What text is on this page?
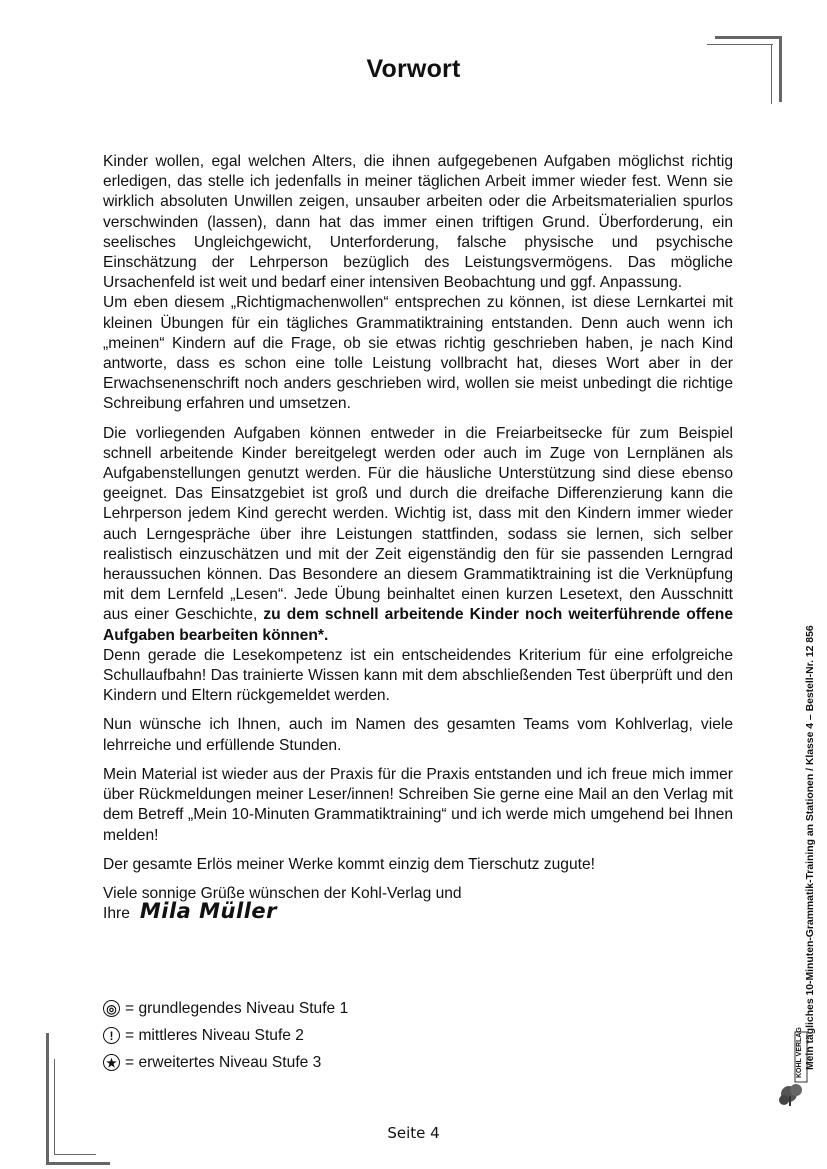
Vorwort

Kinder wollen, egal welchen Alters, die ihnen aufgegebenen Aufgaben möglichst richtig erledigen, das stelle ich jedenfalls in meiner täglichen Arbeit immer wieder fest. Wenn sie wirklich absoluten Unwillen zeigen, unsauber arbeiten oder die Arbeitsmaterialien spurlos verschwinden (lassen), dann hat das immer einen triftigen Grund. Überforderung, ein seelisches Ungleichgewicht, Unterforderung, falsche physische und psychische Einschätzung der Lehrperson bezüglich des Leistungsvermögens. Das mögliche Ursachenfeld ist weit und bedarf einer intensiven Beobachtung und ggf. Anpassung.

Um eben diesem „Richtigmachenwollen“ entsprechen zu können, ist diese Lernkartei mit kleinen Übungen für ein tägliches Grammatiktraining entstanden. Denn auch wenn ich „meinen“ Kindern auf die Frage, ob sie etwas richtig geschrieben haben, je nach Kind antworte, dass es schon eine tolle Leistung vollbracht hat, dieses Wort aber in der Erwachsenenschrift noch anders geschrieben wird, wollen sie meist unbedingt die richtige Schreibung erfahren und umsetzen.

Die vorliegenden Aufgaben können entweder in die Freiarbeitsecke für zum Beispiel schnell arbeitende Kinder bereitgelegt werden oder auch im Zuge von Lernplänen als Aufgabenstellungen genutzt werden. Für die häusliche Unterstützung sind diese ebenso geeignet. Das Einsatzgebiet ist groß und durch die dreifache Differenzierung kann die Lehrperson jedem Kind gerecht werden. Wichtig ist, dass mit den Kindern immer wieder auch Lerngespräche über ihre Leistungen stattfinden, sodass sie lernen, sich selber realistisch einzuschätzen und mit der Zeit eigenständig den für sie passenden Lerngrad heraussuchen können. Das Besondere an diesem Grammatiktraining ist die Verknüpfung mit dem Lernfeld „Lesen“. Jede Übung beinhaltet einen kurzen Lesetext, den Ausschnitt aus einer Geschichte, zu dem schnell arbeitende Kinder noch weiterführende offene Aufgaben bearbeiten können*.

Denn gerade die Lesekompetenz ist ein entscheidendes Kriterium für eine erfolgreiche Schullaufbahn! Das trainierte Wissen kann mit dem abschließenden Test überprüft und den Kindern und Eltern rückgemeldet werden.

Nun wünsche ich Ihnen, auch im Namen des gesamten Teams vom Kohlverlag, viele lehrreiche und erfüllende Stunden.

Mein Material ist wieder aus der Praxis für die Praxis entstanden und ich freue mich immer über Rückmeldungen meiner Leser/innen! Schreiben Sie gerne eine Mail an den Verlag mit dem Betreff „Mein 10-Minuten Grammatiktraining“ und ich werde mich umgehend bei Ihnen melden!

Der gesamte Erlös meiner Werke kommt einzig dem Tierschutz zugute!

Viele sonnige Grüße wünschen der Kohl-Verlag und

Ihre Mila Müller
◎ = grundlegendes Niveau Stufe 1
! = mittleres Niveau Stufe 2
★ = erweitertes Niveau Stufe 3	Mein tägliches 10-Minuten-Grammatik-Training an Stationen / Klasse 4 – Bestell-Nr. 12 856
KOHL VERLAG
Seite 4
